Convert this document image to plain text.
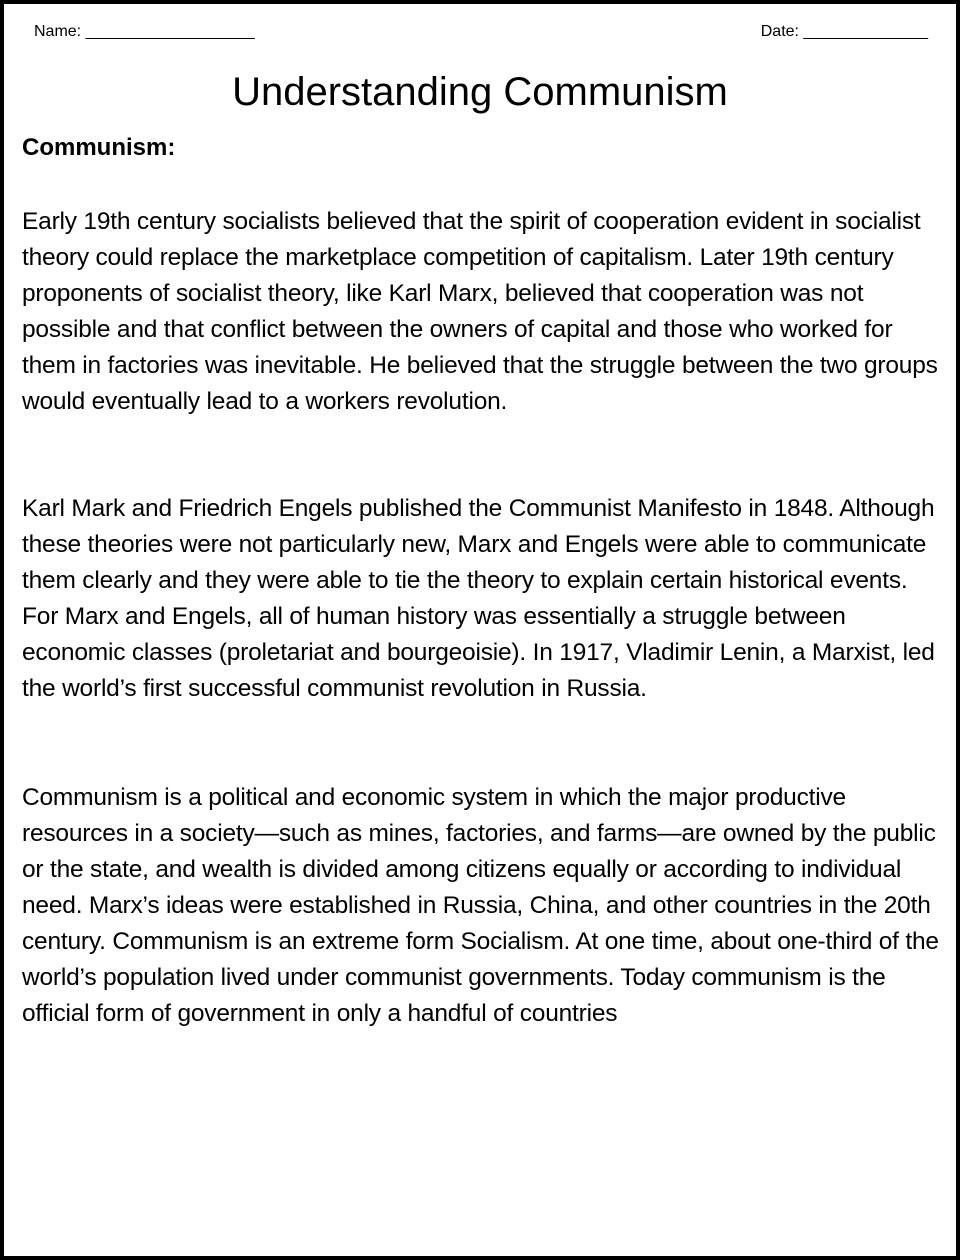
Name: ___________________	Date: ______________
Understanding Communism
Communism:

Early 19th century socialists believed that the spirit of cooperation evident in socialist theory could replace the marketplace competition of capitalism. Later 19th century proponents of socialist theory, like Karl Marx, believed that cooperation was not possible and that conflict between the owners of capital and those who worked for them in factories was inevitable. He believed that the struggle between the two groups would eventually lead to a workers revolution.

Karl Mark and Friedrich Engels published the Communist Manifesto in 1848. Although these theories were not particularly new, Marx and Engels were able to communicate them clearly and they were able to tie the theory to explain certain historical events. For Marx and Engels, all of human history was essentially a struggle between economic classes (proletariat and bourgeoisie). In 1917, Vladimir Lenin, a Marxist, led the world’s first successful communist revolution in Russia.

Communism is a political and economic system in which the major productive resources in a society—such as mines, factories, and farms—are owned by the public or the state, and wealth is divided among citizens equally or according to individual need. Marx’s ideas were established in Russia, China, and other countries in the 20th century. Communism is an extreme form Socialism. At one time, about one-third of the world’s population lived under communist governments. Today communism is the official form of government in only a handful of countries
